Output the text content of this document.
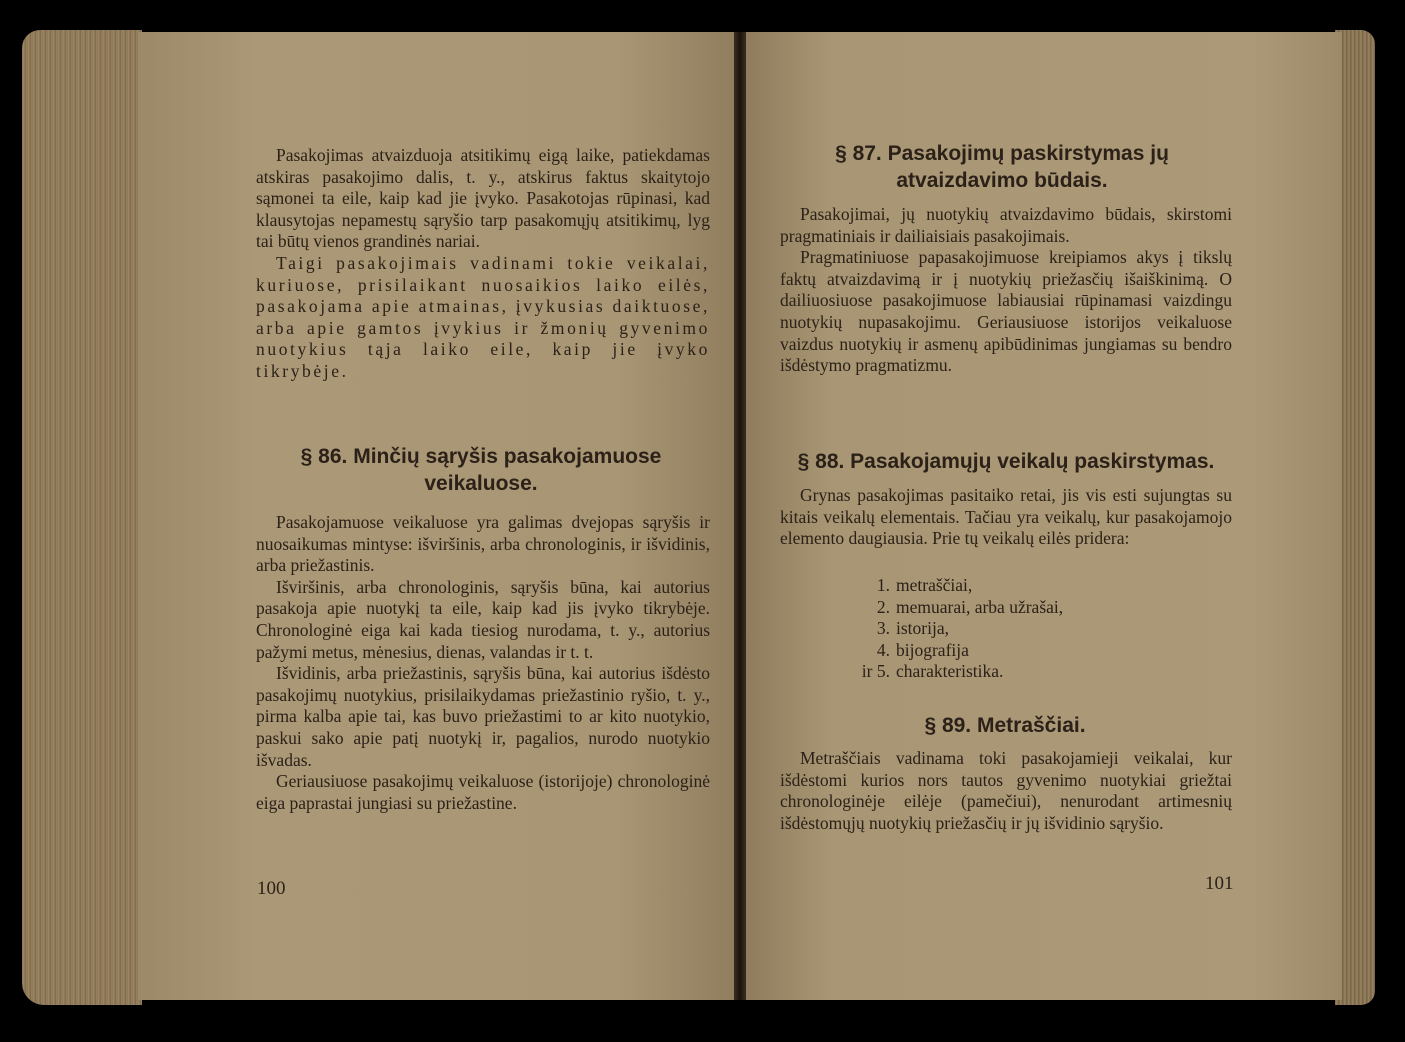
Pasakojimas atvaizduoja atsitikimų eigą laike, patiekdamas atskiras pasakojimo dalis, t. y., atskirus faktus skaitytojo sąmonei ta eile, kaip kad jie įvyko. Pasakotojas rūpinasi, kad klausytojas nepamestų sąryšio tarp pasakomųjų atsitikimų, lyg tai būtų vienos grandinės nariai.

Taigi pasakojimais vadinami tokie veikalai, kuriuose, prisilaikant nuosaikios laiko eilės, pasakojama apie atmainas, įvykusias daiktuose, arba apie gamtos įvykius ir žmonių gyvenimo nuotykius tąja laiko eile, kaip jie įvyko tikrybėje.

§ 86. Minčių sąryšis pasakojamuose veikaluose.

Pasakojamuose veikaluose yra galimas dvejopas sąryšis ir nuosaikumas mintyse: išviršinis, arba chronologinis, ir išvidinis, arba priežastinis.

Išviršinis, arba chronologinis, sąryšis būna, kai autorius pasakoja apie nuotykį ta eile, kaip kad jis įvyko tikrybėje. Chronologinė eiga kai kada tiesiog nurodama, t. y., autorius pažymi metus, mėnesius, dienas, valandas ir t. t.

Išvidinis, arba priežastinis, sąryšis būna, kai autorius išdėsto pasakojimų nuotykius, prisilaikydamas priežastinio ryšio, t. y., pirma kalba apie tai, kas buvo priežastimi to ar kito nuotykio, paskui sako apie patį nuotykį ir, pagalios, nurodo nuotykio išvadas.

Geriausiuose pasakojimų veikaluose (istorijoje) chronologinė eiga paprastai jungiasi su priežastine.

100
§ 87. Pasakojimų paskirstymas jų atvaizdavimo būdais.

Pasakojimai, jų nuotykių atvaizdavimo būdais, skirstomi pragmatiniais ir dailiaisiais pasakojimais.

Pragmatiniuose papasakojimuose kreipiamos akys į tikslų faktų atvaizdavimą ir į nuotykių priežasčių išaiškinimą. O dailiuosiuose pasakojimuose labiausiai rūpinamasi vaizdingu nuotykių nupasakojimu. Geriausiuose istorijos veikaluose vaizdus nuotykių ir asmenų apibūdinimas jungiamas su bendro išdėstymo pragmatizmu.

§ 88. Pasakojamųjų veikalų paskirstymas.

Grynas pasakojimas pasitaiko retai, jis vis esti sujungtas su kitais veikalų elementais. Tačiau yra veikalų, kur pasakojamojo elemento daugiausia. Prie tų veikalų eilės pridera:

1. metraščiai,
2. memuarai, arba užrašai,
3. istorija,
4. bijografija
ir 5. charakteristika.
§ 89. Metraščiai.

Metraščiais vadinama toki pasakojamieji veikalai, kur išdėstomi kurios nors tautos gyvenimo nuotykiai griežtai chronologinėje eilėje (pamečiui), nenurodant artimesnių išdėstomųjų nuotykių priežasčių ir jų išvidinio sąryšio.

101
